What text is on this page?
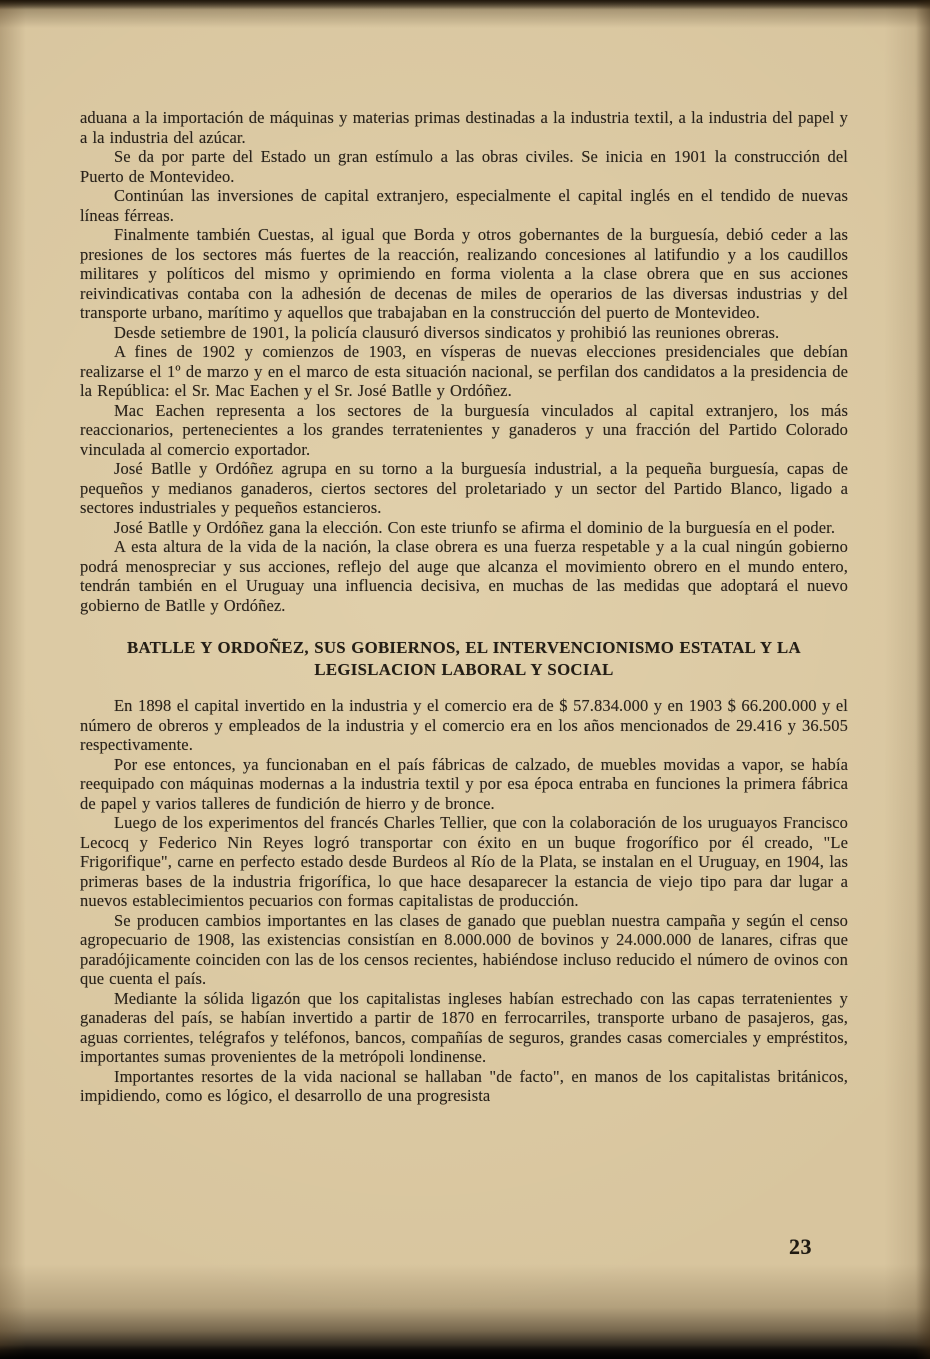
aduana a la importación de máquinas y materias primas destinadas a la industria textil, a la industria del papel y a la industria del azúcar.

Se da por parte del Estado un gran estímulo a las obras civiles. Se inicia en 1901 la construcción del Puerto de Montevideo.

Continúan las inversiones de capital extranjero, especialmente el capital inglés en el tendido de nuevas líneas férreas.

Finalmente también Cuestas, al igual que Borda y otros gobernantes de la burguesía, debió ceder a las presiones de los sectores más fuertes de la reacción, realizando concesiones al latifundio y a los caudillos militares y políticos del mismo y oprimiendo en forma violenta a la clase obrera que en sus acciones reivindicativas contaba con la adhesión de decenas de miles de operarios de las diversas industrias y del transporte urbano, marítimo y aquellos que trabajaban en la construcción del puerto de Montevideo.

Desde setiembre de 1901, la policía clausuró diversos sindicatos y prohibió las reuniones obreras.

A fines de 1902 y comienzos de 1903, en vísperas de nuevas elecciones presidenciales que debían realizarse el 1º de marzo y en el marco de esta situación nacional, se perfilan dos candidatos a la presidencia de la República: el Sr. Mac Eachen y el Sr. José Batlle y Ordóñez.

Mac Eachen representa a los sectores de la burguesía vinculados al capital extranjero, los más reaccionarios, pertenecientes a los grandes terratenientes y ganaderos y una fracción del Partido Colorado vinculada al comercio exportador.

José Batlle y Ordóñez agrupa en su torno a la burguesía industrial, a la pequeña burguesía, capas de pequeños y medianos ganaderos, ciertos sectores del proletariado y un sector del Partido Blanco, ligado a sectores industriales y pequeños estancieros.

José Batlle y Ordóñez gana la elección. Con este triunfo se afirma el dominio de la burguesía en el poder.

A esta altura de la vida de la nación, la clase obrera es una fuerza respetable y a la cual ningún gobierno podrá menospreciar y sus acciones, reflejo del auge que alcanza el movimiento obrero en el mundo entero, tendrán también en el Uruguay una influencia decisiva, en muchas de las medidas que adoptará el nuevo gobierno de Batlle y Ordóñez.

BATLLE Y ORDOÑEZ, SUS GOBIERNOS, EL INTERVENCIONISMO ESTATAL Y LA
LEGISLACION LABORAL Y SOCIAL

En 1898 el capital invertido en la industria y el comercio era de $ 57.834.000 y en 1903 $ 66.200.000 y el número de obreros y empleados de la industria y el comercio era en los años mencionados de 29.416 y 36.505 respectivamente.

Por ese entonces, ya funcionaban en el país fábricas de calzado, de muebles movidas a vapor, se había reequipado con máquinas modernas a la industria textil y por esa época entraba en funciones la primera fábrica de papel y varios talleres de fundición de hierro y de bronce.

Luego de los experimentos del francés Charles Tellier, que con la colaboración de los uruguayos Francisco Lecocq y Federico Nin Reyes logró transportar con éxito en un buque frogorífico por él creado, "Le Frigorifique", carne en perfecto estado desde Burdeos al Río de la Plata, se instalan en el Uruguay, en 1904, las primeras bases de la industria frigorífica, lo que hace desaparecer la estancia de viejo tipo para dar lugar a nuevos establecimientos pecuarios con formas capitalistas de producción.

Se producen cambios importantes en las clases de ganado que pueblan nuestra campaña y según el censo agropecuario de 1908, las existencias consistían en 8.000.000 de bovinos y 24.000.000 de lanares, cifras que paradójicamente coinciden con las de los censos recientes, habiéndose incluso reducido el número de ovinos con que cuenta el país.

Mediante la sólida ligazón que los capitalistas ingleses habían estrechado con las capas terratenientes y ganaderas del país, se habían invertido a partir de 1870 en ferrocarriles, transporte urbano de pasajeros, gas, aguas corrientes, telégrafos y teléfonos, bancos, compañías de seguros, grandes casas comerciales y empréstitos, importantes sumas provenientes de la metrópoli londinense.

Importantes resortes de la vida nacional se hallaban "de facto", en manos de los capitalistas británicos, impidiendo, como es lógico, el desarrollo de una progresista

23
